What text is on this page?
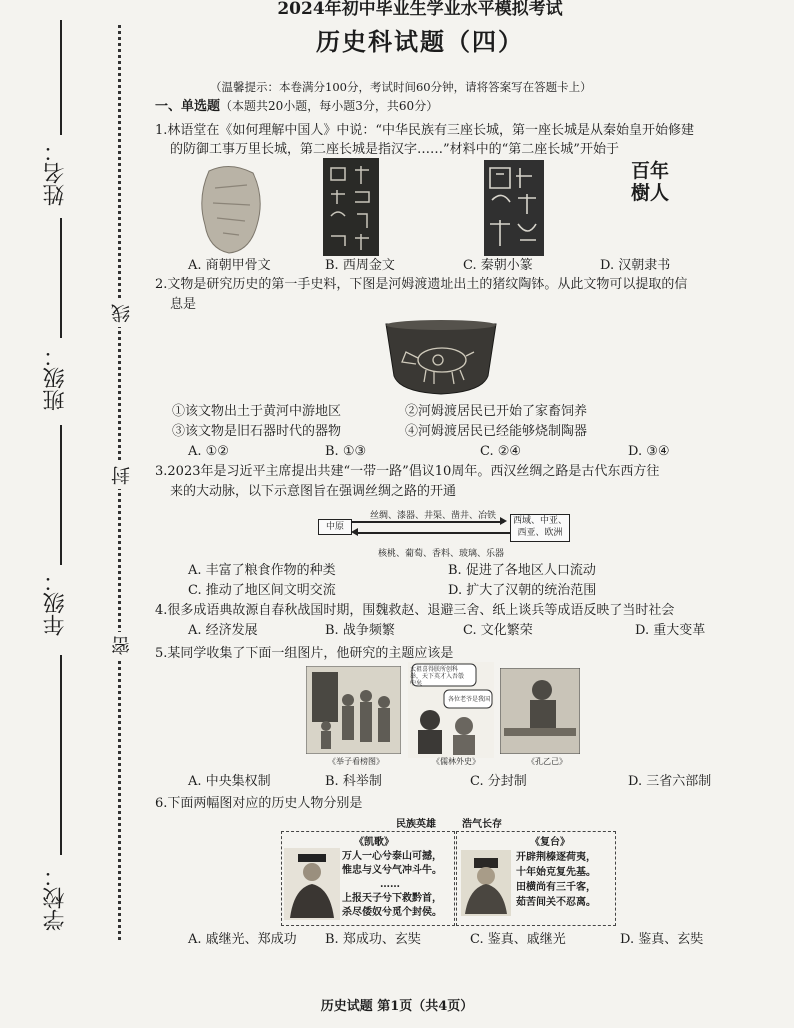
姓名：
班级：
年级：
学校：
线
封
密
2024年初中毕业生学业水平模拟考试
历史科试题（四）
（温馨提示：本卷满分100分，考试时间60分钟，请将答案写在答题卡上）
一、单选题（本题共20小题，每小题3分，共60分）
1.林语堂在《如何理解中国人》中说：“中华民族有三座长城，第一座长城是从秦始皇开始修建
的防御工事万里长城，第二座长城是指汉字……”材料中的“第二座长城”开始于
百年樹人
A. 商朝甲骨文	B. 西周金文	C. 秦朝小篆	D. 汉朝隶书
2.文物是研究历史的第一手史料，下图是河姆渡遗址出土的猪纹陶钵。从此文物可以提取的信
息是
①该文物出土于黄河中游地区	②河姆渡居民已开始了家畜饲养
③该文物是旧石器时代的器物	④河姆渡居民已经能够烧制陶器
A. ①②	B. ①③	C. ②④	D. ③④
3.2023年是习近平主席提出共建“一带一路”倡议10周年。西汉丝绸之路是古代东西方往
来的大动脉，以下示意图旨在强调丝绸之路的开通
丝绸、漆器、井渠、凿井、冶铁
中原
西域、中亚、
西亚、欧洲
核桃、葡萄、香料、玻璃、乐器
A. 丰富了粮食作物的种类	B. 促进了各地区人口流动
C. 推动了地区间文明交流	D. 扩大了汉朝的统治范围
4.很多成语典故源自春秋战国时期，围魏救赵、退避三舍、纸上谈兵等成语反映了当时社会
A. 经济发展	B. 战争频繁	C. 文化繁荣	D. 重大变革
5.某同学收集了下面一组图片，他研究的主题应该是
《举子看榜图》
太祖喜得朕所创科举，天下英才入吾彀中矣
各位老爷是我国
《儒林外史》	《孔乙己》
A. 中央集权制	B. 科举制	C. 分封制	D. 三省六部制
6.下面两幅图对应的历史人物分别是
民族英雄	浩气长存
《凯歌》
万人一心兮泰山可撼，
惟忠与义兮气冲斗牛。
……
上报天子兮下救黔首，
杀尽倭奴兮觅个封侯。
《复台》
开辟荆榛逐荷夷，
十年始克复先基。
田横尚有三千客，
茹苦间关不忍离。
A. 戚继光、郑成功 B. 郑成功、玄奘	C. 鉴真、戚继光	D. 鉴真、玄奘
历史试题 第1页（共4页）
